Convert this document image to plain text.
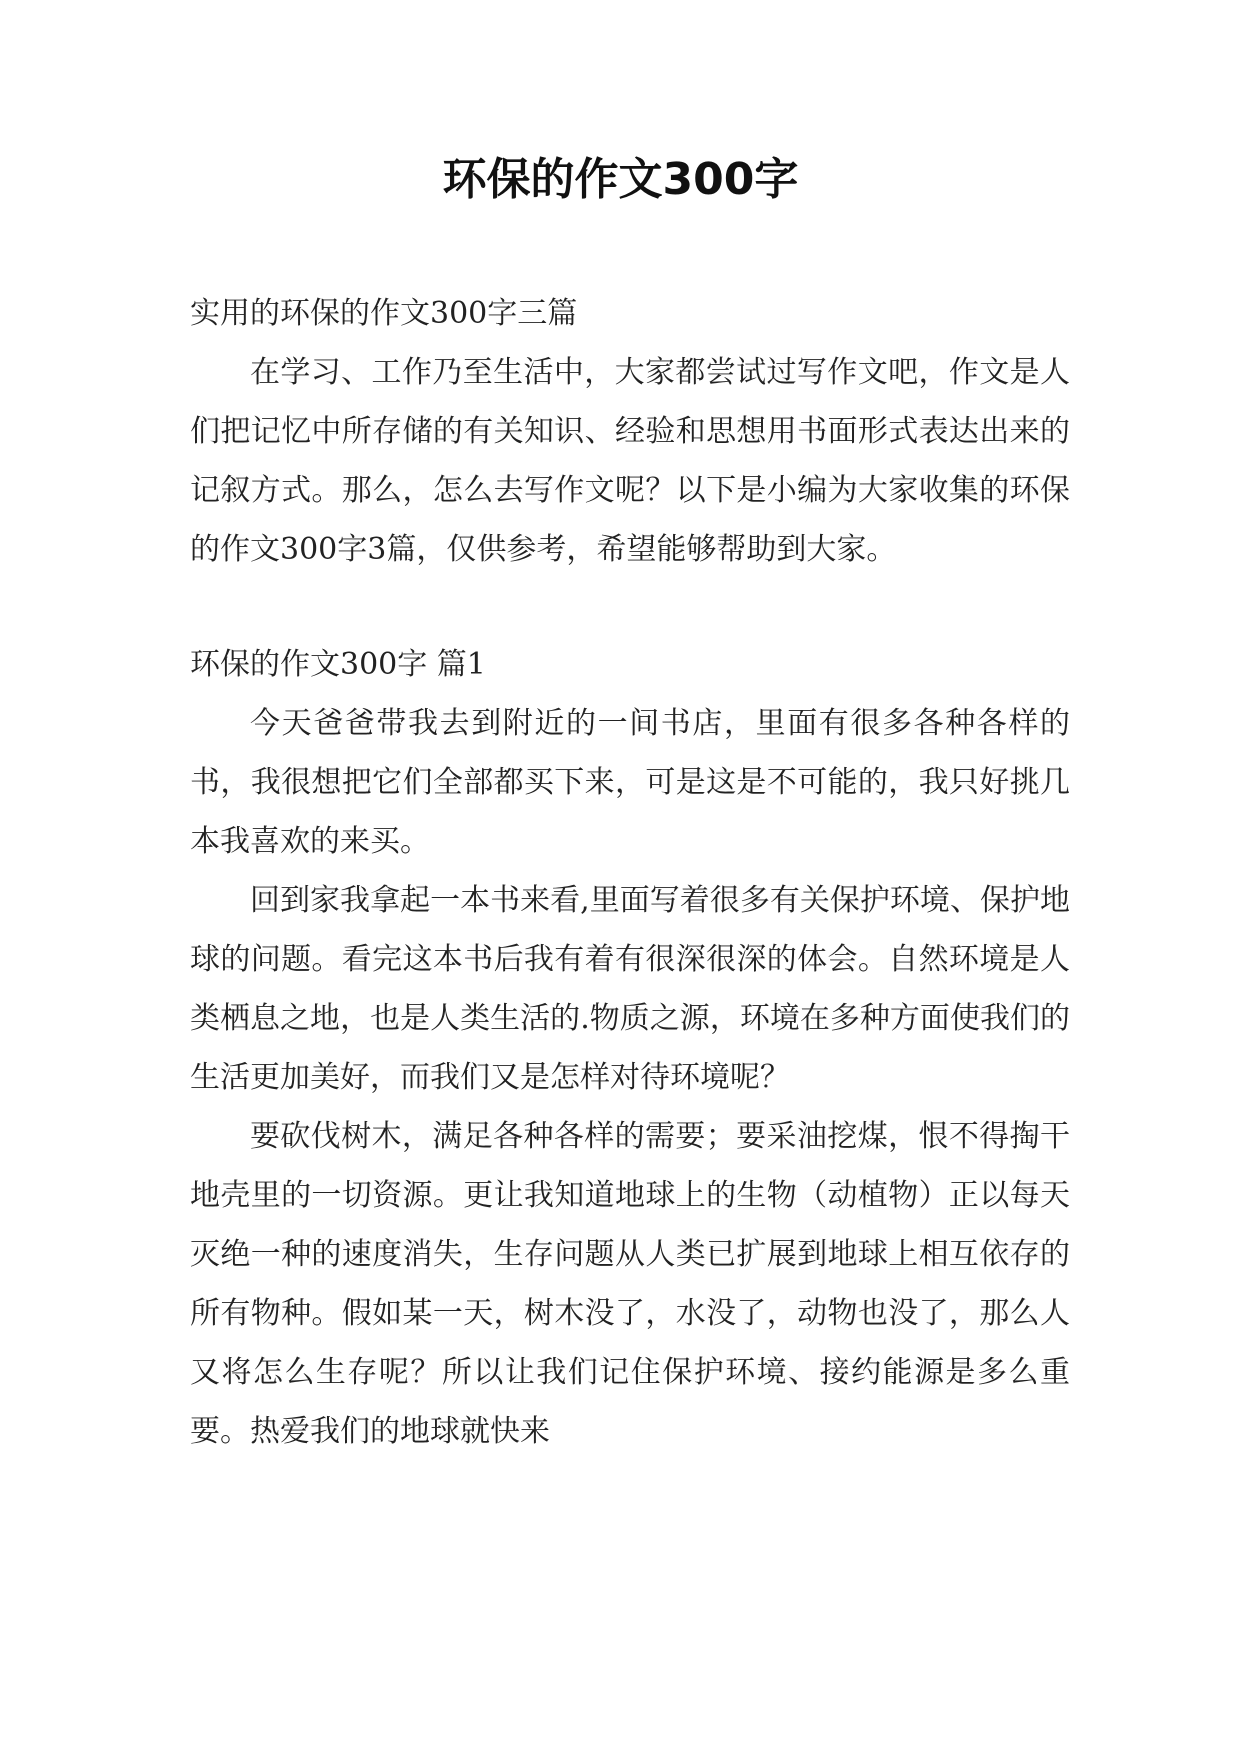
环保的作文300字
实用的环保的作文300字三篇

在学习、工作乃至生活中，大家都尝试过写作文吧，作文是人们把记忆中所存储的有关知识、经验和思想用书面形式表达出来的记叙方式。那么，怎么去写作文呢？以下是小编为大家收集的环保的作文300字3篇，仅供参考，希望能够帮助到大家。

环保的作文300字 篇1

今天爸爸带我去到附近的一间书店，里面有很多各种各样的书，我很想把它们全部都买下来，可是这是不可能的，我只好挑几本我喜欢的来买。

回到家我拿起一本书来看,里面写着很多有关保护环境、保护地球的问题。看完这本书后我有着有很深很深的体会。自然环境是人类栖息之地，也是人类生活的.物质之源，环境在多种方面使我们的生活更加美好，而我们又是怎样对待环境呢？

要砍伐树木，满足各种各样的需要；要采油挖煤，恨不得掏干地壳里的一切资源。更让我知道地球上的生物（动植物）正以每天灭绝一种的速度消失，生存问题从人类已扩展到地球上相互依存的所有物种。假如某一天，树木没了，水没了，动物也没了，那么人又将怎么生存呢？所以让我们记住保护环境、接约能源是多么重要。热爱我们的地球就快来
